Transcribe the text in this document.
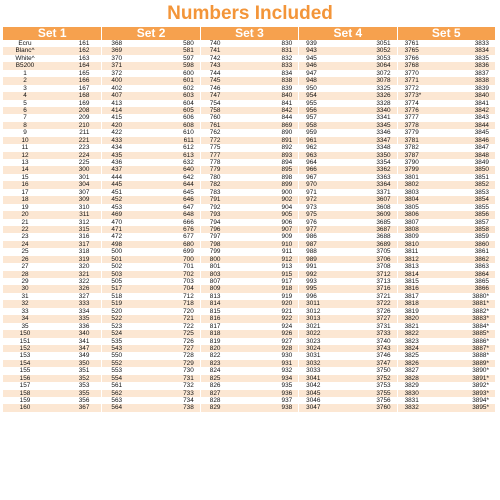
Numbers Included
Set 1
Ecru	161
Blanc^	162
White^	163
B5200	164
1	165
2	166
3	167
4	168
5	169
6	208
7	209
8	210
9	211
10	221
11	223
12	224
13	225
14	300
15	301
16	304
17	307
18	309
19	310
20	311
21	312
22	315
23	316
24	317
25	318
26	319
27	320
28	321
29	322
30	326
31	327
32	333
33	334
34	335
35	336
150	340
151	341
152	347
153	349
154	350
155	351
156	352
157	353
158	355
159	356
160	367
Set 2
368	580
369	581
370	597
371	598
372	600
400	601
402	602
407	603
413	604
414	605
415	606
420	608
422	610
433	611
434	612
435	613
436	632
437	640
444	642
445	644
451	645
452	646
453	647
469	648
470	666
471	676
472	677
498	680
500	699
501	700
502	701
503	702
505	703
517	704
518	712
519	718
520	720
522	721
523	722
524	725
535	726
543	727
550	728
552	729
553	730
554	731
561	732
562	733
563	734
564	738
Set 3
740	830
741	831
742	832
743	833
744	834
745	838
746	839
747	840
754	841
758	842
760	844
761	869
762	890
772	891
775	892
777	893
778	894
779	895
780	898
782	899
783	900
791	902
792	904
793	905
794	906
796	907
797	909
798	910
799	911
800	912
801	913
803	915
807	917
809	918
813	919
814	920
815	921
816	922
817	924
818	926
819	927
820	928
822	930
823	931
824	932
825	934
826	935
827	936
828	937
829	938
Set 4
939	3051
943	3052
945	3053
946	3064
947	3072
948	3078
950	3325
954	3326
955	3328
956	3340
957	3341
958	3345
959	3346
961	3347
962	3348
963	3350
964	3354
966	3362
967	3363
970	3364
971	3371
972	3607
973	3608
975	3609
976	3685
977	3687
986	3688
987	3689
988	3705
989	3706
991	3708
992	3712
993	3713
995	3716
996	3721
3011	3722
3012	3726
3013	3727
3021	3731
3022	3733
3023	3740
3024	3743
3031	3746
3032	3747
3033	3750
3041	3752
3042	3753
3045	3755
3046	3756
3047	3760
Set 5
3761	3833
3765	3834
3766	3835
3768	3836
3770	3837
3771	3838
3772	3839
3773*	3840
3774	3841
3776	3842
3777	3843
3778	3844
3779	3845
3781	3846
3782	3847
3787	3848
3790	3849
3799	3850
3801	3851
3802	3852
3803	3853
3804	3854
3805	3855
3806	3856
3807	3857
3808	3858
3809	3859
3810	3860
3811	3861
3812	3862
3813	3863
3814	3864
3815	3865
3816	3866
3817	3880*
3818	3881*
3819	3882*
3820	3883*
3821	3884*
3822	3885*
3823	3886*
3824	3887*
3825	3888*
3826	3889*
3827	3890*
3828	3891*
3829	3892*
3830	3893*
3831	3894*
3832	3895*
